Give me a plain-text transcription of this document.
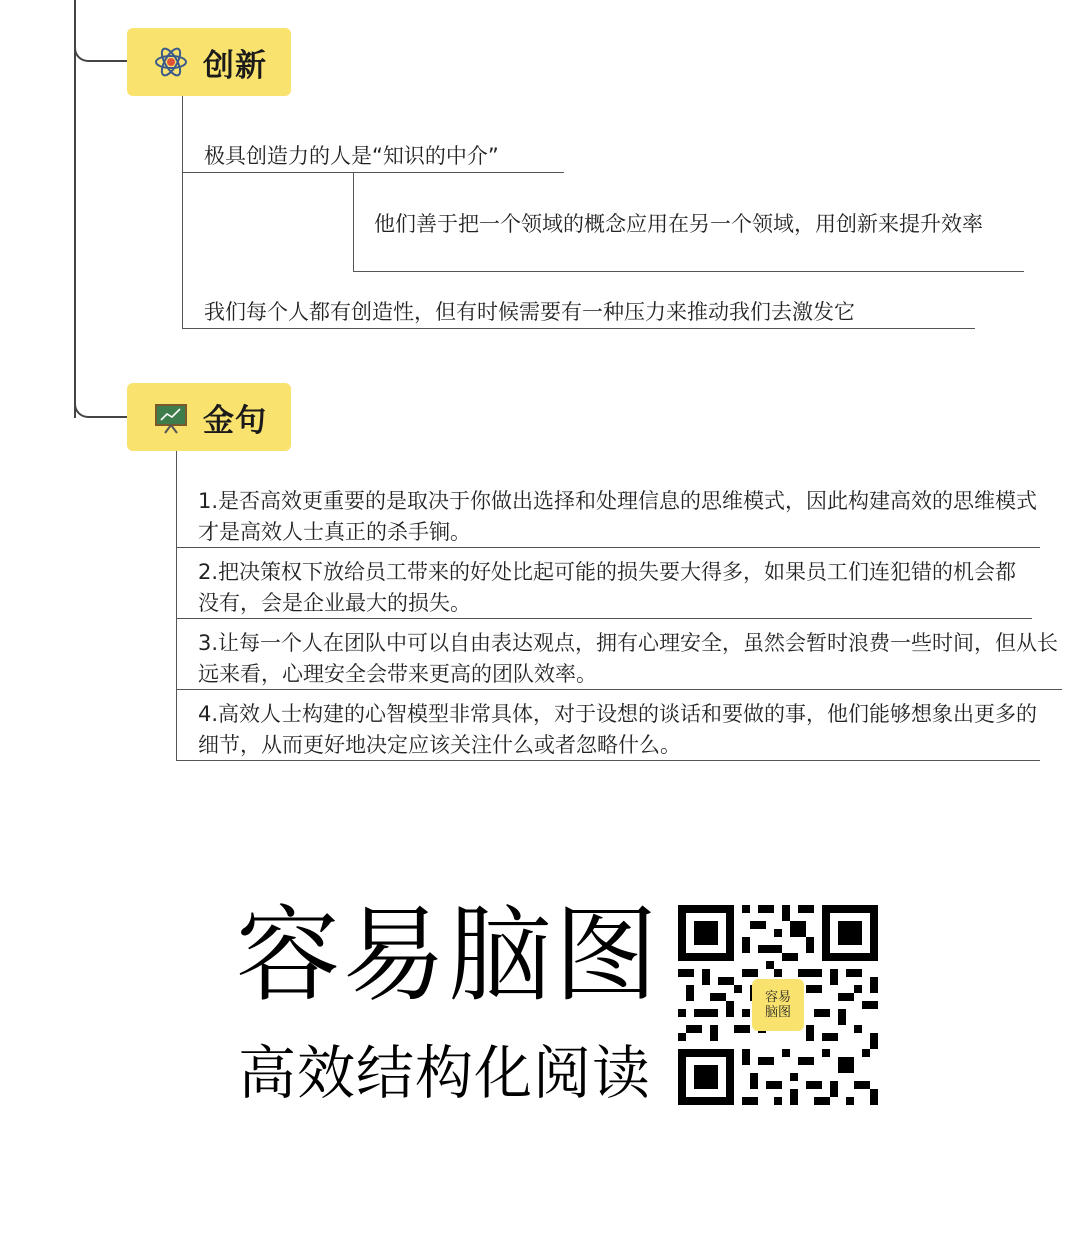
创新
极具创造力的人是“知识的中介”
他们善于把一个领域的概念应用在另一个领域，用创新来提升效率
我们每个人都有创造性，但有时候需要有一种压力来推动我们去激发它
金句
1.是否高效更重要的是取决于你做出选择和处理信息的思维模式，因此构建高效的思维模式才是高效人士真正的杀手锏。
2.把决策权下放给员工带来的好处比起可能的损失要大得多，如果员工们连犯错的机会都没有，会是企业最大的损失。
3.让每一个人在团队中可以自由表达观点，拥有心理安全，虽然会暂时浪费一些时间，但从长远来看，心理安全会带来更高的团队效率。
4.高效人士构建的心智模型非常具体，对于设想的谈话和要做的事，他们能够想象出更多的细节，从而更好地决定应该关注什么或者忽略什么。
容易脑图
高效结构化阅读
容易
脑图
